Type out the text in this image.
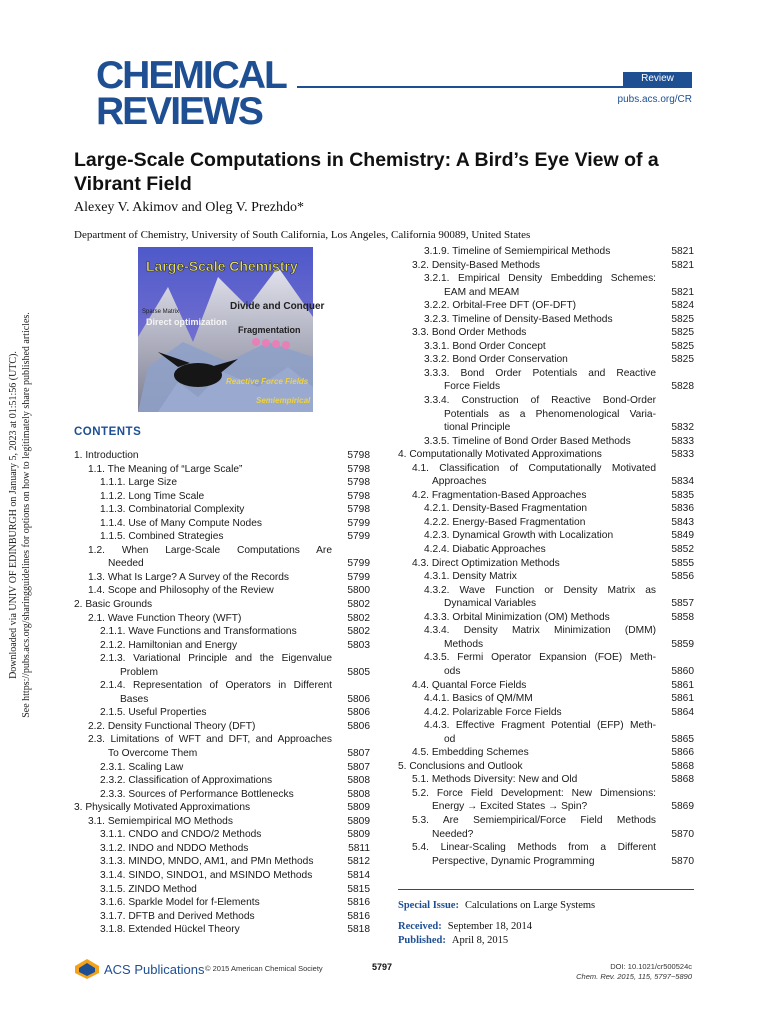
Downloaded via UNIV OF EDINBURGH on January 5, 2023 at 01:51:56 (UTC). See https://pubs.acs.org/sharingguidelines for options on how to legitimately share published articles.
CHEMICAL
REVIEWS
Review
pubs.acs.org/CR
Large-Scale Computations in Chemistry: A Bird’s Eye View of a Vibrant Field
Alexey V. Akimov and Oleg V. Prezhdo*
Department of Chemistry, University of South California, Los Angeles, California 90089, United States
Large-Scale Chemistry
Divide and Conquer
Direct optimization
Fragmentation
Sparse Matrix
Reactive Force Fields
Semiempirical
CONTENTS
1. Introduction	5798
1.1. The Meaning of “Large Scale”	5798
1.1.1. Large Size	5798
1.1.2. Long Time Scale	5798
1.1.3. Combinatorial Complexity	5798
1.1.4. Use of Many Compute Nodes	5799
1.1.5. Combined Strategies	5799
1.2. When Large-Scale Computations Are
Needed	5799
1.3. What Is Large? A Survey of the Records	5799
1.4. Scope and Philosophy of the Review	5800
2. Basic Grounds	5802
2.1. Wave Function Theory (WFT)	5802
2.1.1. Wave Functions and Transformations	5802
2.1.2. Hamiltonian and Energy	5803
2.1.3. Variational Principle and the Eigenvalue
Problem	5805
2.1.4. Representation of Operators in Different
Bases	5806
2.1.5. Useful Properties	5806
2.2. Density Functional Theory (DFT)	5806
2.3. Limitations of WFT and DFT, and Approaches
To Overcome Them	5807
2.3.1. Scaling Law	5807
2.3.2. Classification of Approximations	5808
2.3.3. Sources of Performance Bottlenecks	5808
3. Physically Motivated Approximations	5809
3.1. Semiempirical MO Methods	5809
3.1.1. CNDO and CNDO/2 Methods	5809
3.1.2. INDO and NDDO Methods	5811
3.1.3. MINDO, MNDO, AM1, and PMn Methods	5812
3.1.4. SINDO, SINDO1, and MSINDO Methods	5814
3.1.5. ZINDO Method	5815
3.1.6. Sparkle Model for f-Elements	5816
3.1.7. DFTB and Derived Methods	5816
3.1.8. Extended Hückel Theory	5818
3.1.9. Timeline of Semiempirical Methods	5821
3.2. Density-Based Methods	5821
3.2.1. Empirical Density Embedding Schemes:
EAM and MEAM	5821
3.2.2. Orbital-Free DFT (OF-DFT)	5824
3.2.3. Timeline of Density-Based Methods	5825
3.3. Bond Order Methods	5825
3.3.1. Bond Order Concept	5825
3.3.2. Bond Order Conservation	5825
3.3.3. Bond Order Potentials and Reactive
Force Fields	5828
3.3.4. Construction of Reactive Bond-Order
Potentials as a Phenomenological Varia-
tional Principle	5832
3.3.5. Timeline of Bond Order Based Methods	5833
4. Computationally Motivated Approximations	5833
4.1. Classification of Computationally Motivated
Approaches	5834
4.2. Fragmentation-Based Approaches	5835
4.2.1. Density-Based Fragmentation	5836
4.2.2. Energy-Based Fragmentation	5843
4.2.3. Dynamical Growth with Localization	5849
4.2.4. Diabatic Approaches	5852
4.3. Direct Optimization Methods	5855
4.3.1. Density Matrix	5856
4.3.2. Wave Function or Density Matrix as
Dynamical Variables	5857
4.3.3. Orbital Minimization (OM) Methods	5858
4.3.4. Density Matrix Minimization (DMM)
Methods	5859
4.3.5. Fermi Operator Expansion (FOE) Meth-
ods	5860
4.4. Quantal Force Fields	5861
4.4.1. Basics of QM/MM	5861
4.4.2. Polarizable Force Fields	5864
4.4.3. Effective Fragment Potential (EFP) Meth-
od	5865
4.5. Embedding Schemes	5866
5. Conclusions and Outlook	5868
5.1. Methods Diversity: New and Old	5868
5.2. Force Field Development: New Dimensions:
Energy → Excited States → Spin?	5869
5.3. Are Semiempirical/Force Field Methods
Needed?	5870
5.4. Linear-Scaling Methods from a Different
Perspective, Dynamic Programming	5870
Special Issue: Calculations on Large Systems
Received: September 18, 2014
Published: April 8, 2015
ACS Publications © 2015 American Chemical Society	5797	DOI: 10.1021/cr500524c
Chem. Rev. 2015, 115, 5797−5890
